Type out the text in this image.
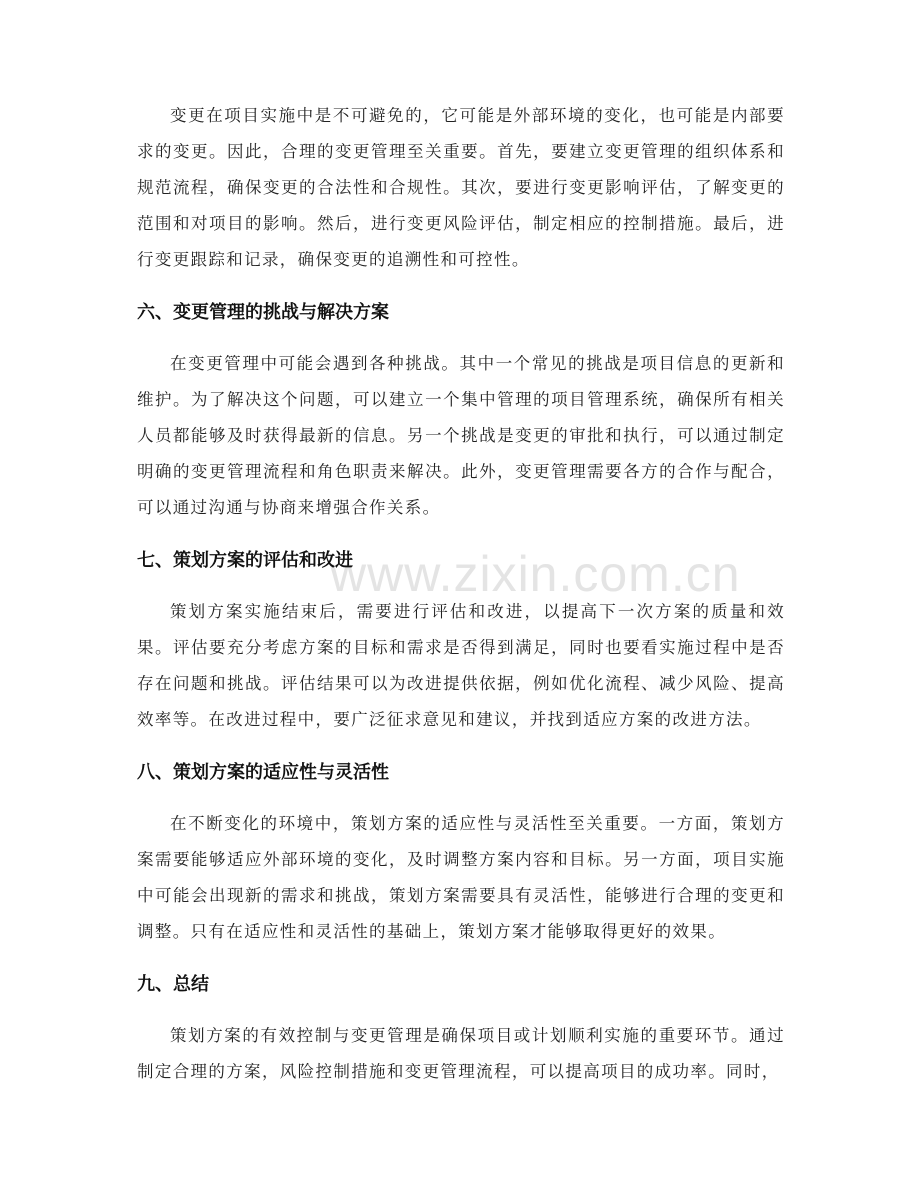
www.zixin.com.cn

变更在项目实施中是不可避免的，它可能是外部环境的变化，也可能是内部要求的变更。因此，合理的变更管理至关重要。首先，要建立变更管理的组织体系和规范流程，确保变更的合法性和合规性。其次，要进行变更影响评估，了解变更的范围和对项目的影响。然后，进行变更风险评估，制定相应的控制措施。最后，进行变更跟踪和记录，确保变更的追溯性和可控性。

六、变更管理的挑战与解决方案

在变更管理中可能会遇到各种挑战。其中一个常见的挑战是项目信息的更新和维护。为了解决这个问题，可以建立一个集中管理的项目管理系统，确保所有相关人员都能够及时获得最新的信息。另一个挑战是变更的审批和执行，可以通过制定明确的变更管理流程和角色职责来解决。此外，变更管理需要各方的合作与配合，可以通过沟通与协商来增强合作关系。

七、策划方案的评估和改进

策划方案实施结束后，需要进行评估和改进，以提高下一次方案的质量和效果。评估要充分考虑方案的目标和需求是否得到满足，同时也要看实施过程中是否存在问题和挑战。评估结果可以为改进提供依据，例如优化流程、减少风险、提高效率等。在改进过程中，要广泛征求意见和建议，并找到适应方案的改进方法。

八、策划方案的适应性与灵活性

在不断变化的环境中，策划方案的适应性与灵活性至关重要。一方面，策划方案需要能够适应外部环境的变化，及时调整方案内容和目标。另一方面，项目实施中可能会出现新的需求和挑战，策划方案需要具有灵活性，能够进行合理的变更和调整。只有在适应性和灵活性的基础上，策划方案才能够取得更好的效果。

九、总结

策划方案的有效控制与变更管理是确保项目或计划顺利实施的重要环节。通过制定合理的方案，风险控制措施和变更管理流程，可以提高项目的成功率。同时，
